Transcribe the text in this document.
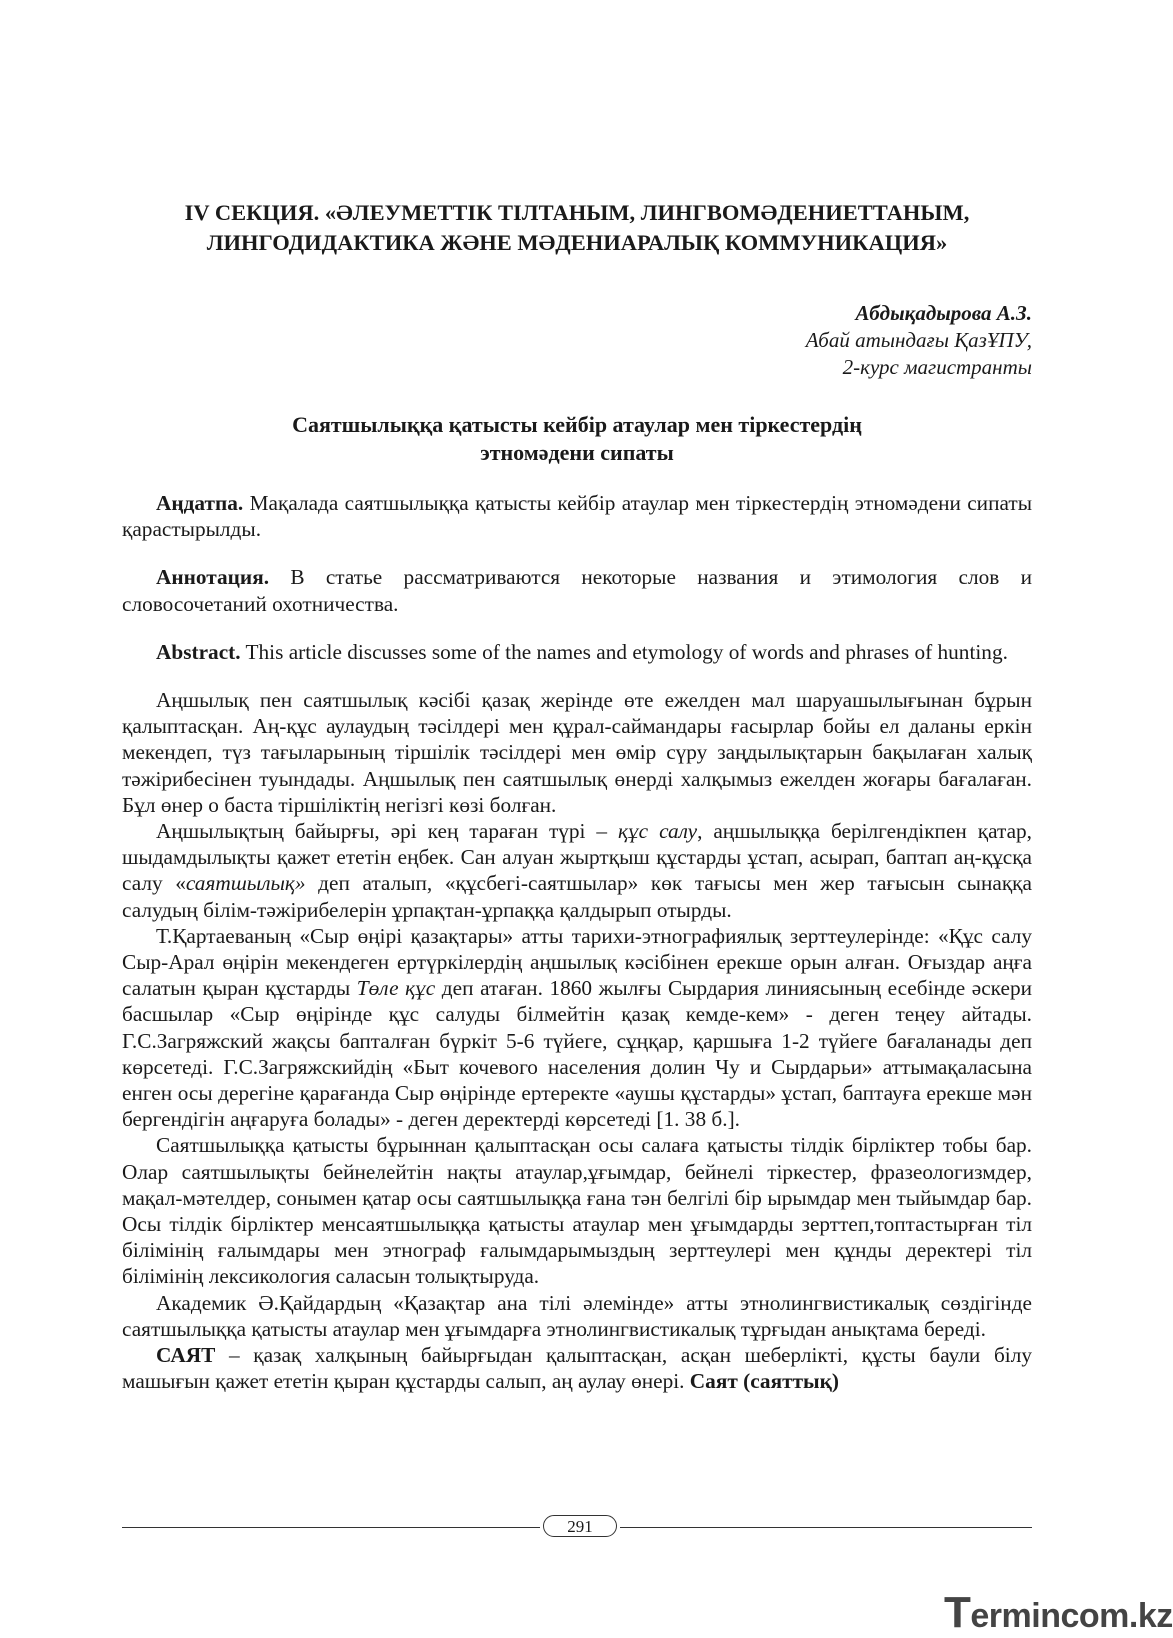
IV СЕКЦИЯ. «ӘЛЕУМЕТТІК ТІЛТАНЫМ, ЛИНГВОМӘДЕНИЕТТАНЫМ,
ЛИНГОДИДАКТИКА ЖӘНЕ МӘДЕНИАРАЛЫҚ КОММУНИКАЦИЯ»
Абдықадырова А.З.
Абай атындағы ҚазҰПУ,
2-курс магистранты
Саятшылыққа қатысты кейбір атаулар мен тіркестердің
этномәдени сипаты

Аңдатпа. Мақалада саятшылыққа қатысты кейбір атаулар мен тіркестердің этномәдени сипаты қарастырылды.

Аннотация. В статье рассматриваются некоторые названия и этимология слов и словосочетаний охотничества.

Abstract. This article discusses some of the names and etymology of words and phrases of hunting.

Аңшылық пен саятшылық кәсібі қазақ жерінде өте ежелден мал шаруашылығынан бұрын қалыптасқан. Аң-құс аулаудың тәсілдері мен құрал-саймандары ғасырлар бойы ел даланы еркін мекендеп, түз тағыларының тіршілік тәсілдері мен өмір сүру заңдылықтарын бақылаған халық тәжірибесінен туындады. Аңшылық пен саятшылық өнерді халқымыз ежелден жоғары бағалаған. Бұл өнер о баста тіршіліктің негізгі көзі болған.

Аңшылықтың байырғы, әрі кең тараған түрі – құс салу, аңшылыққа берілгендікпен қатар, шыдамдылықты қажет ететін еңбек. Сан алуан жыртқыш құстарды ұстап, асырап, баптап аң-құсқа салу «саятшылық» деп аталып, «құсбегі-саятшылар» көк тағысы мен жер тағысын сынаққа салудың білім-тәжірибелерін ұрпақтан-ұрпаққа қалдырып отырды.

Т.Қартаеваның «Сыр өңірі қазақтары» атты тарихи-этнографиялық зерттеулерінде: «Құс салу Сыр-Арал өңірін мекендеген ертүркілердің аңшылық кәсібінен ерекше орын алған. Оғыздар аңға салатын қыран құстарды Төле құс деп атаған. 1860 жылғы Сырдария линиясының есебінде әскери басшылар «Сыр өңірінде құс салуды білмейтін қазақ кемде-кем» - деген теңеу айтады. Г.С.Загряжский жақсы бапталған бүркіт 5-6 түйеге, сұңқар, қаршыға 1-2 түйеге бағаланады деп көрсетеді. Г.С.Загряжскийдің «Быт кочевого населения долин Чу и Сырдарьи» аттымақаласына енген осы дерегіне қарағанда Сыр өңірінде ертеректе «аушы құстарды» ұстап, баптауға ерекше мән бергендігін аңғаруға болады» - деген деректерді көрсетеді [1. 38 б.].

Саятшылыққа қатысты бұрыннан қалыптасқан осы салаға қатысты тілдік бірліктер тобы бар. Олар саятшылықты бейнелейтін нақты атаулар,ұғымдар, бейнелі тіркестер, фразеологизмдер, мақал-мәтелдер, сонымен қатар осы саятшылыққа ғана тән белгілі бір ырымдар мен тыйымдар бар. Осы тілдік бірліктер менсаятшылыққа қатысты атаулар мен ұғымдарды зерттеп,топтастырған тіл білімінің ғалымдары мен этнограф ғалымдарымыздың зерттеулері мен құнды деректері тіл білімінің лексикология саласын толықтыруда.

Академик Ә.Қайдардың «Қазақтар ана тілі әлемінде» атты этнолингвистикалық сөздігінде саятшылыққа қатысты атаулар мен ұғымдарға этнолингвистикалық тұрғыдан анықтама береді.

САЯТ – қазақ халқының байырғыдан қалыптасқан, асқан шеберлікті, құсты баули білу машығын қажет ететін қыран құстарды салып, аң аулау өнері. Саят (саяттық)

291
Termincom.kz
